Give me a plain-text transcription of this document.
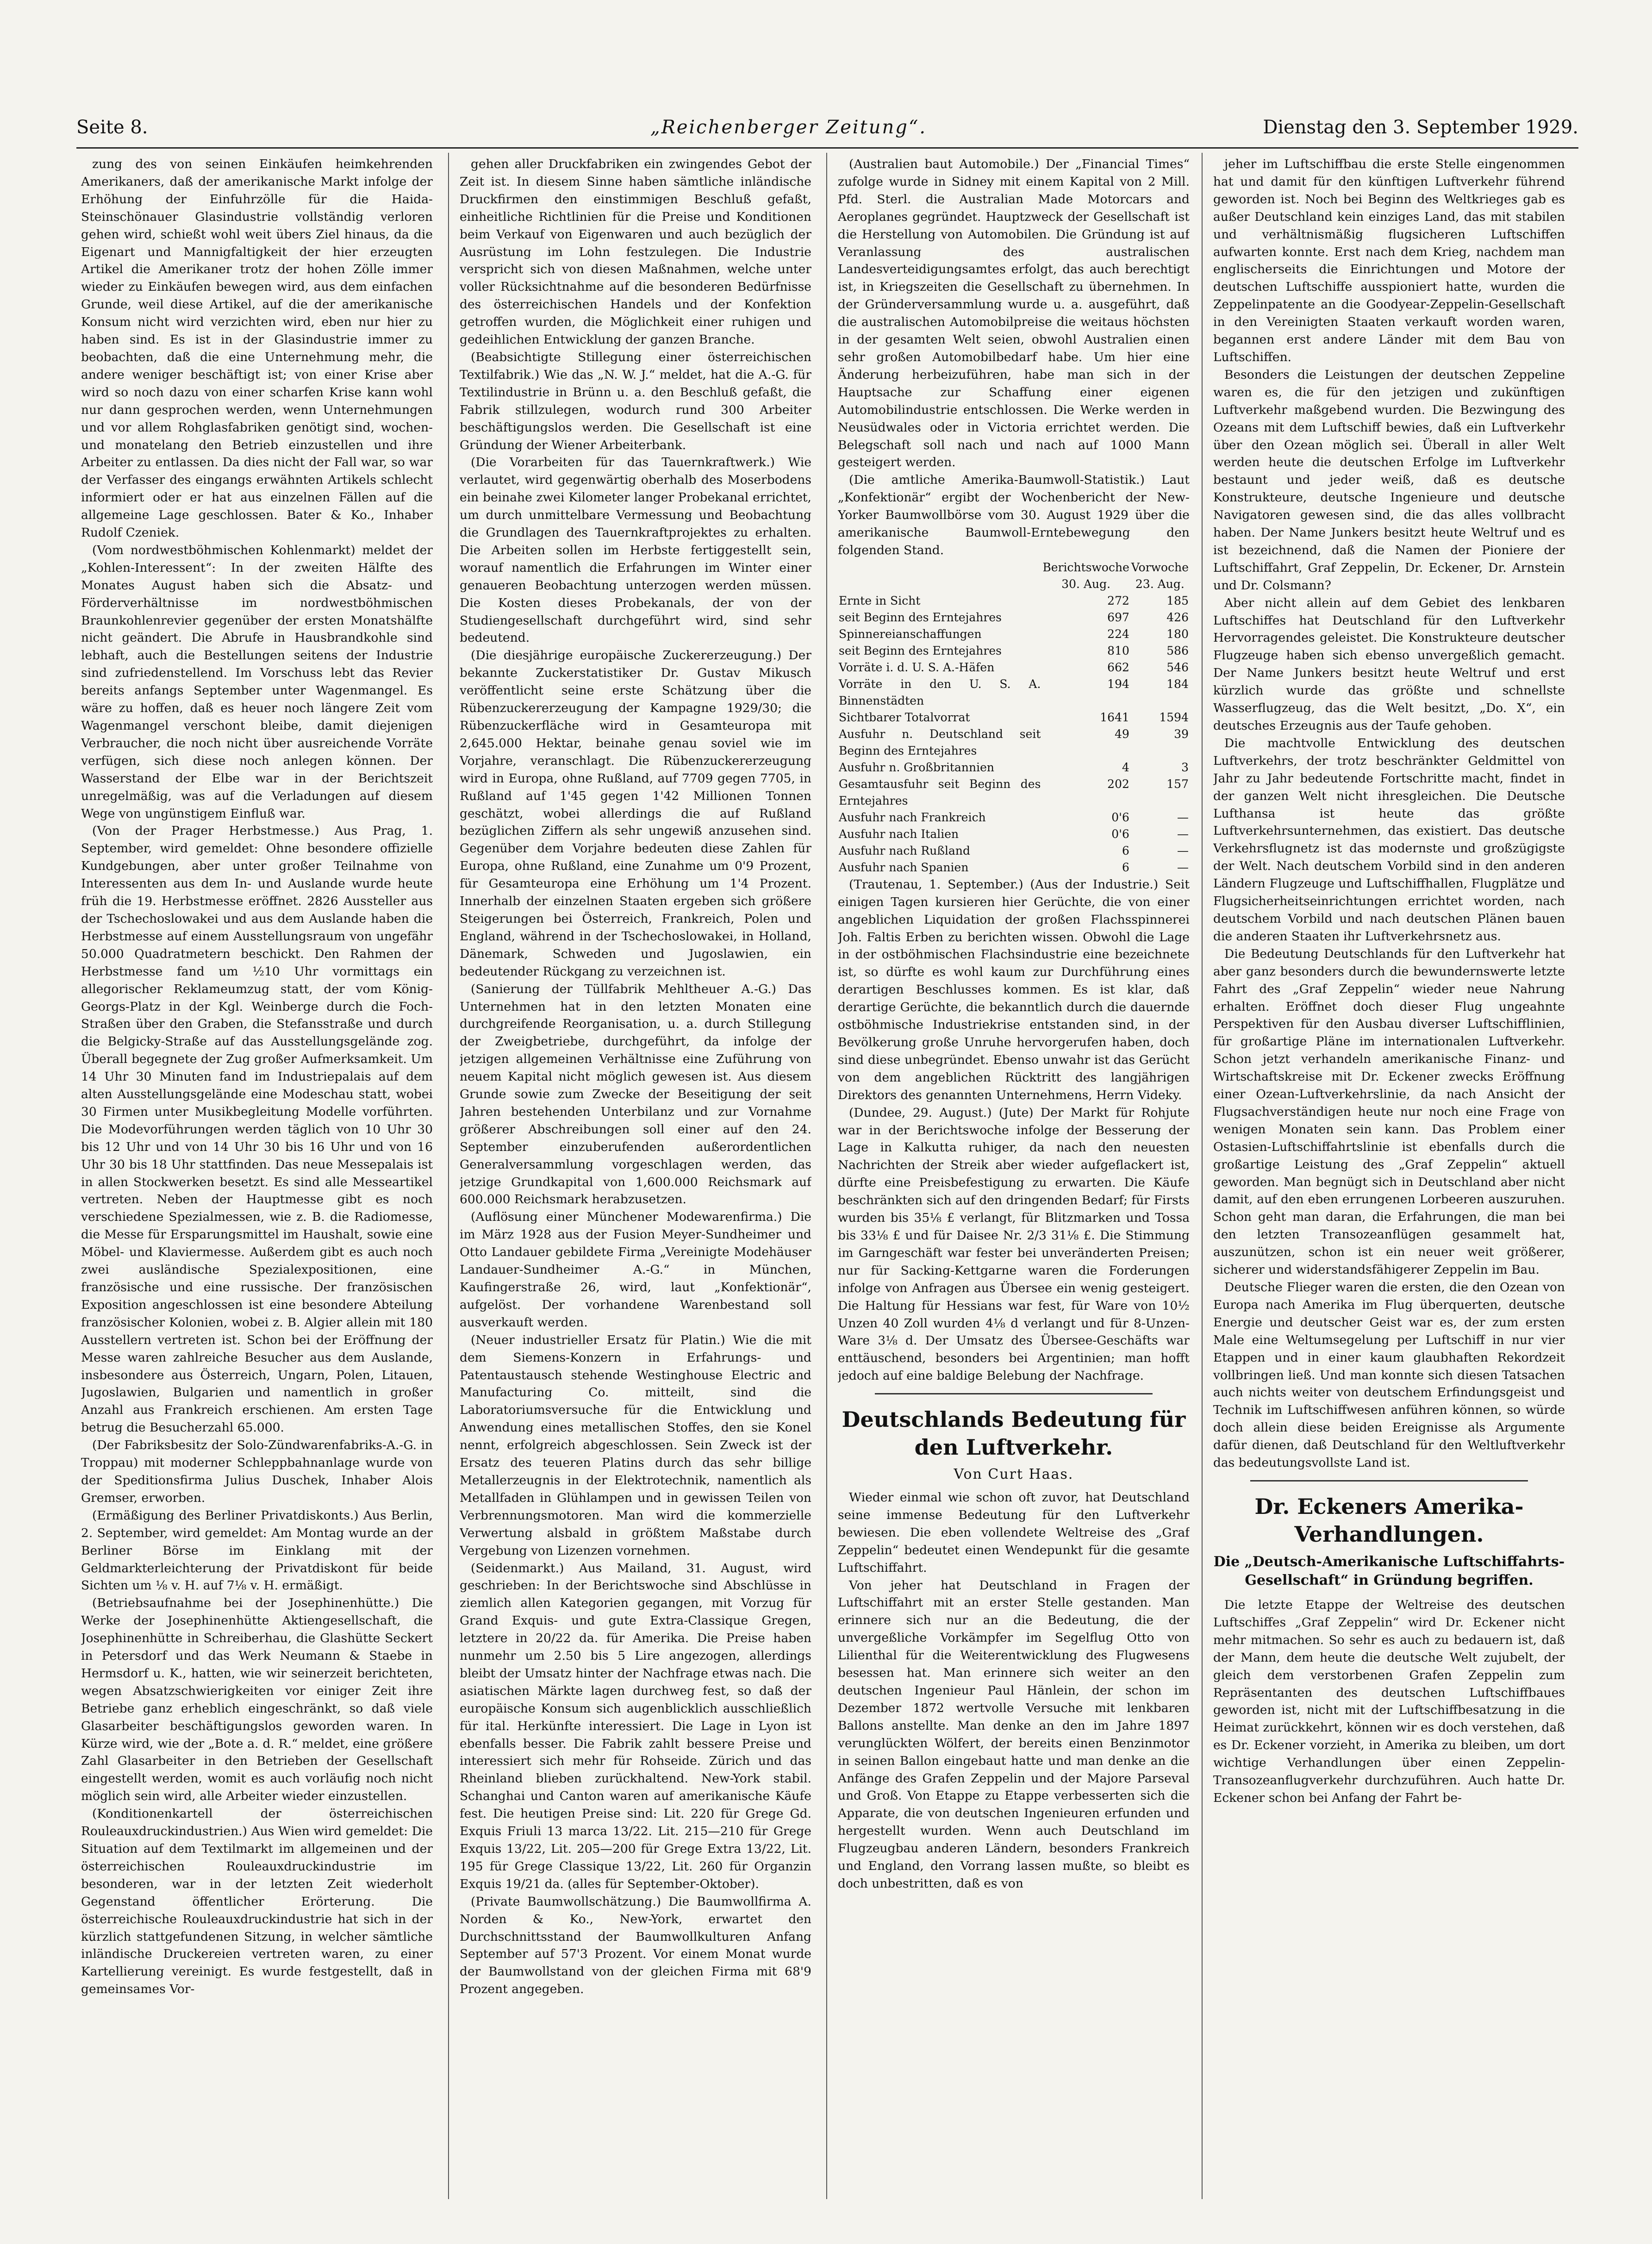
Seite 8.	„Reichenberger Zeitung“.	Dienstag den 3. September 1929.

zung des von seinen Einkäufen heimkehrenden Amerikaners, daß der amerikanische Markt infolge der Erhöhung der Einfuhrzölle für die Haida-Steinschönauer Glasindustrie vollständig verloren gehen wird, schießt wohl weit übers Ziel hinaus, da die Eigenart und Mannigfaltigkeit der hier erzeugten Artikel die Amerikaner trotz der hohen Zölle immer wieder zu Einkäufen bewegen wird, aus dem einfachen Grunde, weil diese Artikel, auf die der amerikanische Konsum nicht wird verzichten wird, eben nur hier zu haben sind. Es ist in der Glasindustrie immer zu beobachten, daß die eine Unternehmung mehr, die andere weniger beschäftigt ist; von einer Krise aber wird so noch dazu von einer scharfen Krise kann wohl nur dann gesprochen werden, wenn Unternehmungen und vor allem Rohglasfabriken genötigt sind, wochen- und monatelang den Betrieb einzustellen und ihre Arbeiter zu entlassen. Da dies nicht der Fall war, so war der Verfasser des eingangs erwähnten Artikels schlecht informiert oder er hat aus einzelnen Fällen auf die allgemeine Lage geschlossen. Bater & Ko., Inhaber Rudolf Czeniek.

(Vom nordwestböhmischen Kohlenmarkt) meldet der „Kohlen-Interessent“: In der zweiten Hälfte des Monates August haben sich die Absatz- und Förderverhältnisse im nordwestböhmischen Braunkohlenrevier gegenüber der ersten Monatshälfte nicht geändert. Die Abrufe in Hausbrandkohle sind lebhaft, auch die Bestellungen seitens der Industrie sind zufriedenstellend. Im Vorschuss lebt das Revier bereits anfangs September unter Wagenmangel. Es wäre zu hoffen, daß es heuer noch längere Zeit vom Wagenmangel verschont bleibe, damit diejenigen Verbraucher, die noch nicht über ausreichende Vorräte verfügen, sich diese noch anlegen können. Der Wasserstand der Elbe war in der Berichtszeit unregelmäßig, was auf die Verladungen auf diesem Wege von ungünstigem Einfluß war.

(Von der Prager Herbstmesse.) Aus Prag, 1. September, wird gemeldet: Ohne besondere offizielle Kundgebungen, aber unter großer Teilnahme von Interessenten aus dem In- und Auslande wurde heute früh die 19. Herbstmesse eröffnet. 2826 Aussteller aus der Tschechoslowakei und aus dem Auslande haben die Herbstmesse auf einem Ausstellungsraum von ungefähr 50.000 Quadratmetern beschickt. Den Rahmen der Herbstmesse fand um ½10 Uhr vormittags ein allegorischer Reklameumzug statt, der vom König-Georgs-Platz in der Kgl. Weinberge durch die Foch-Straßen über den Graben, die Stefansstraße und durch die Belgicky-Straße auf das Ausstellungsgelände zog. Überall begegnete der Zug großer Aufmerksamkeit. Um 14 Uhr 30 Minuten fand im Industriepalais auf dem alten Ausstellungsgelände eine Modeschau statt, wobei 30 Firmen unter Musikbegleitung Modelle vorführten. Die Modevorführungen werden täglich von 10 Uhr 30 bis 12 Uhr und von 14 Uhr 30 bis 16 Uhr und von 16 Uhr 30 bis 18 Uhr stattfinden. Das neue Messepalais ist in allen Stockwerken besetzt. Es sind alle Messeartikel vertreten. Neben der Hauptmesse gibt es noch verschiedene Spezialmessen, wie z. B. die Radiomesse, die Messe für Ersparungsmittel im Haushalt, sowie eine Möbel- und Klaviermesse. Außerdem gibt es auch noch zwei ausländische Spezialexpositionen, eine französische und eine russische. Der französischen Exposition angeschlossen ist eine besondere Abteilung französischer Kolonien, wobei z. B. Algier allein mit 180 Ausstellern vertreten ist. Schon bei der Eröffnung der Messe waren zahlreiche Besucher aus dem Auslande, insbesondere aus Österreich, Ungarn, Polen, Litauen, Jugoslawien, Bulgarien und namentlich in großer Anzahl aus Frankreich erschienen. Am ersten Tage betrug die Besucherzahl 65.000.

(Der Fabriksbesitz der Solo-Zündwarenfabriks-A.-G. in Troppau) mit moderner Schleppbahnanlage wurde von der Speditionsfirma Julius Duschek, Inhaber Alois Gremser, erworben.

(Ermäßigung des Berliner Privatdiskonts.) Aus Berlin, 2. September, wird gemeldet: Am Montag wurde an der Berliner Börse im Einklang mit der Geldmarkterleichterung der Privatdiskont für beide Sichten um ⅛ v. H. auf 7⅛ v. H. ermäßigt.

(Betriebsaufnahme bei der Josephinenhütte.) Die Werke der Josephinenhütte Aktiengesellschaft, die Josephinenhütte in Schreiberhau, die Glashütte Seckert in Petersdorf und das Werk Neumann & Staebe in Hermsdorf u. K., hatten, wie wir seinerzeit berichteten, wegen Absatzschwierigkeiten vor einiger Zeit ihre Betriebe ganz erheblich eingeschränkt, so daß viele Glasarbeiter beschäftigungslos geworden waren. In Kürze wird, wie der „Bote a. d. R.“ meldet, eine größere Zahl Glasarbeiter in den Betrieben der Gesellschaft eingestellt werden, womit es auch vorläufig noch nicht möglich sein wird, alle Arbeiter wieder einzustellen.

(Konditionenkartell der österreichischen Rouleauxdruckindustrien.) Aus Wien wird gemeldet: Die Situation auf dem Textilmarkt im allgemeinen und der österreichischen Rouleauxdruckindustrie im besonderen, war in der letzten Zeit wiederholt Gegenstand öffentlicher Erörterung. Die österreichische Rouleauxdruckindustrie hat sich in der kürzlich stattgefundenen Sitzung, in welcher sämtliche inländische Druckereien vertreten waren, zu einer Kartellierung vereinigt. Es wurde festgestellt, daß in gemeinsames Vor-

gehen aller Druckfabriken ein zwingendes Gebot der Zeit ist. In diesem Sinne haben sämtliche inländische Druckfirmen den einstimmigen Beschluß gefaßt, einheitliche Richtlinien für die Preise und Konditionen beim Verkauf von Eigenwaren und auch bezüglich der Ausrüstung im Lohn festzulegen. Die Industrie verspricht sich von diesen Maßnahmen, welche unter voller Rücksichtnahme auf die besonderen Bedürfnisse des österreichischen Handels und der Konfektion getroffen wurden, die Möglichkeit einer ruhigen und gedeihlichen Entwicklung der ganzen Branche.

(Beabsichtigte Stillegung einer österreichischen Textilfabrik.) Wie das „N. W. J.“ meldet, hat die A.-G. für Textilindustrie in Brünn u. a. den Beschluß gefaßt, die Fabrik stillzulegen, wodurch rund 300 Arbeiter beschäftigungslos werden. Die Gesellschaft ist eine Gründung der Wiener Arbeiterbank.

(Die Vorarbeiten für das Tauernkraftwerk.) Wie verlautet, wird gegenwärtig oberhalb des Moserbodens ein beinahe zwei Kilometer langer Probekanal errichtet, um durch unmittelbare Vermessung und Beobachtung die Grundlagen des Tauernkraftprojektes zu erhalten. Die Arbeiten sollen im Herbste fertiggestellt sein, worauf namentlich die Erfahrungen im Winter einer genaueren Beobachtung unterzogen werden müssen. Die Kosten dieses Probekanals, der von der Studiengesellschaft durchgeführt wird, sind sehr bedeutend.

(Die diesjährige europäische Zuckererzeugung.) Der bekannte Zuckerstatistiker Dr. Gustav Mikusch veröffentlicht seine erste Schätzung über die Rübenzuckererzeugung der Kampagne 1929/30; die Rübenzuckerfläche wird in Gesamteuropa mit 2,645.000 Hektar, beinahe genau soviel wie im Vorjahre, veranschlagt. Die Rübenzuckererzeugung wird in Europa, ohne Rußland, auf 7709 gegen 7705, in Rußland auf 1'45 gegen 1'42 Millionen Tonnen geschätzt, wobei allerdings die auf Rußland bezüglichen Ziffern als sehr ungewiß anzusehen sind. Gegenüber dem Vorjahre bedeuten diese Zahlen für Europa, ohne Rußland, eine Zunahme um 0'9 Prozent, für Gesamteuropa eine Erhöhung um 1'4 Prozent. Innerhalb der einzelnen Staaten ergeben sich größere Steigerungen bei Österreich, Frankreich, Polen und England, während in der Tschechoslowakei, in Holland, Dänemark, Schweden und Jugoslawien, ein bedeutender Rückgang zu verzeichnen ist.

(Sanierung der Tüllfabrik Mehltheuer A.-G.) Das Unternehmen hat in den letzten Monaten eine durchgreifende Reorganisation, u. a. durch Stillegung der Zweigbetriebe, durchgeführt, da infolge der jetzigen allgemeinen Verhältnisse eine Zuführung von neuem Kapital nicht möglich gewesen ist. Aus diesem Grunde sowie zum Zwecke der Beseitigung der seit Jahren bestehenden Unterbilanz und zur Vornahme größerer Abschreibungen soll einer auf den 24. September einzuberufenden außerordentlichen Generalversammlung vorgeschlagen werden, das jetzige Grundkapital von 1,600.000 Reichsmark auf 600.000 Reichsmark herabzusetzen.

(Auflösung einer Münchener Modewarenfirma.) Die im März 1928 aus der Fusion Meyer-Sundheimer und Otto Landauer gebildete Firma „Vereinigte Modehäuser Landauer-Sundheimer A.-G.“ in München, Kaufingerstraße 26, wird, laut „Konfektionär“, aufgelöst. Der vorhandene Warenbestand soll ausverkauft werden.

(Neuer industrieller Ersatz für Platin.) Wie die mit dem Siemens-Konzern in Erfahrungs- und Patentaustausch stehende Westinghouse Electric and Manufacturing Co. mitteilt, sind die Laboratoriumsversuche für die Entwicklung und Anwendung eines metallischen Stoffes, den sie Konel nennt, erfolgreich abgeschlossen. Sein Zweck ist der Ersatz des teueren Platins durch das sehr billige Metallerzeugnis in der Elektrotechnik, namentlich als Metallfaden in Glühlampen und in gewissen Teilen von Verbrennungsmotoren. Man wird die kommerzielle Verwertung alsbald in größtem Maßstabe durch Vergebung von Lizenzen vornehmen.

(Seidenmarkt.) Aus Mailand, 31. August, wird geschrieben: In der Berichtswoche sind Abschlüsse in ziemlich allen Kategorien gegangen, mit Vorzug für Grand Exquis- und gute Extra-Classique Gregen, letztere in 20/22 da. für Amerika. Die Preise haben nunmehr um 2.50 bis 5 Lire angezogen, allerdings bleibt der Umsatz hinter der Nachfrage etwas nach. Die asiatischen Märkte lagen durchweg fest, so daß der europäische Konsum sich augenblicklich ausschließlich für ital. Herkünfte interessiert. Die Lage in Lyon ist ebenfalls besser. Die Fabrik zahlt bessere Preise und interessiert sich mehr für Rohseide. Zürich und das Rheinland blieben zurückhaltend. New-York stabil. Schanghai und Canton waren auf amerikanische Käufe fest. Die heutigen Preise sind: Lit. 220 für Grege Gd. Exquis Friuli 13 marca 13/22. Lit. 215—210 für Grege Exquis 13/22, Lit. 205—200 für Grege Extra 13/22, Lit. 195 für Grege Classique 13/22, Lit. 260 für Organzin Exquis 19/21 da. (alles für September-Oktober).

(Private Baumwollschätzung.) Die Baumwollfirma A. Norden & Ko., New-York, erwartet den Durchschnittsstand der Baumwollkulturen Anfang September auf 57'3 Prozent. Vor einem Monat wurde der Baumwollstand von der gleichen Firma mit 68'9 Prozent angegeben.

(Australien baut Automobile.) Der „Financial Times“ zufolge wurde in Sidney mit einem Kapital von 2 Mill. Pfd. Sterl. die Australian Made Motorcars and Aeroplanes gegründet. Hauptzweck der Gesellschaft ist die Herstellung von Automobilen. Die Gründung ist auf Veranlassung des australischen Landesverteidigungsamtes erfolgt, das auch berechtigt ist, in Kriegszeiten die Gesellschaft zu übernehmen. In der Gründerversammlung wurde u. a. ausgeführt, daß die australischen Automobilpreise die weitaus höchsten in der gesamten Welt seien, obwohl Australien einen sehr großen Automobilbedarf habe. Um hier eine Änderung herbeizuführen, habe man sich in der Hauptsache zur Schaffung einer eigenen Automobilindustrie entschlossen. Die Werke werden in Neusüdwales oder in Victoria errichtet werden. Die Belegschaft soll nach und nach auf 1000 Mann gesteigert werden.

(Die amtliche Amerika-Baumwoll-Statistik.) Laut „Konfektionär“ ergibt der Wochenbericht der New-Yorker Baumwollbörse vom 30. August 1929 über die amerikanische Baumwoll-Erntebewegung den folgenden Stand.

	Berichtswoche 30. Aug.	Vorwoche 23. Aug.
Ernte in Sicht	272	185
seit Beginn des Erntejahres	697	426
Spinnereianschaffungen	224	180
seit Beginn des Erntejahres	810	586
Vorräte i. d. U. S. A.-Häfen	662	546
Vorräte in den U. S. A. Binnenstädten	194	184
Sichtbarer Totalvorrat	1641	1594
Ausfuhr n. Deutschland seit Beginn des Erntejahres	49	39
Ausfuhr n. Großbritannien	4	3
Gesamtausfuhr seit Beginn des Erntejahres	202	157
Ausfuhr nach Frankreich	0'6	—
Ausfuhr nach Italien	0'6	—
Ausfuhr nach Rußland	6	—
Ausfuhr nach Spanien	6	—

(Trautenau, 1. September.) (Aus der Industrie.) Seit einigen Tagen kursieren hier Gerüchte, die von einer angeblichen Liquidation der großen Flachsspinnerei Joh. Faltis Erben zu berichten wissen. Obwohl die Lage in der ostböhmischen Flachsindustrie eine bezeichnete ist, so dürfte es wohl kaum zur Durchführung eines derartigen Beschlusses kommen. Es ist klar, daß derartige Gerüchte, die bekanntlich durch die dauernde ostböhmische Industriekrise entstanden sind, in der Bevölkerung große Unruhe hervorgerufen haben, doch sind diese unbegründet. Ebenso unwahr ist das Gerücht von dem angeblichen Rücktritt des langjährigen Direktors des genannten Unternehmens, Herrn Videky.

(Dundee, 29. August.) (Jute) Der Markt für Rohjute war in der Berichtswoche infolge der Besserung der Lage in Kalkutta ruhiger, da nach den neuesten Nachrichten der Streik aber wieder aufgeflackert ist, dürfte eine Preisbefestigung zu erwarten. Die Käufe beschränkten sich auf den dringenden Bedarf; für Firsts wurden bis 35⅛ £ verlangt, für Blitzmarken und Tossa bis 33⅛ £ und für Daisee Nr. 2/3 31⅛ £. Die Stimmung im Garngeschäft war fester bei unveränderten Preisen; nur für Sacking-Kettgarne waren die Forderungen infolge von Anfragen aus Übersee ein wenig gesteigert. Die Haltung für Hessians war fest, für Ware von 10½ Unzen 40 Zoll wurden 4⅛ d verlangt und für 8-Unzen-Ware 3⅛ d. Der Umsatz des Übersee-Geschäfts war enttäuschend, besonders bei Argentinien; man hofft jedoch auf eine baldige Belebung der Nachfrage.

Deutschlands Bedeutung für den Luftverkehr.
Von Curt Haas.

Wieder einmal wie schon oft zuvor, hat Deutschland seine immense Bedeutung für den Luftverkehr bewiesen. Die eben vollendete Weltreise des „Graf Zeppelin“ bedeutet einen Wendepunkt für die gesamte Luftschiffahrt.

Von jeher hat Deutschland in Fragen der Luftschiffahrt mit an erster Stelle gestanden. Man erinnere sich nur an die Bedeutung, die der unvergeßliche Vorkämpfer im Segelflug Otto von Lilienthal für die Weiterentwicklung des Flugwesens besessen hat. Man erinnere sich weiter an den deutschen Ingenieur Paul Hänlein, der schon im Dezember 1872 wertvolle Versuche mit lenkbaren Ballons anstellte. Man denke an den im Jahre 1897 verunglückten Wölfert, der bereits einen Benzinmotor in seinen Ballon eingebaut hatte und man denke an die Anfänge des Grafen Zeppelin und der Majore Parseval und Groß. Von Etappe zu Etappe verbesserten sich die Apparate, die von deutschen Ingenieuren erfunden und hergestellt wurden. Wenn auch Deutschland im Flugzeugbau anderen Ländern, besonders Frankreich und England, den Vorrang lassen mußte, so bleibt es doch unbestritten, daß es von

jeher im Luftschiffbau die erste Stelle eingenommen hat und damit für den künftigen Luftverkehr führend geworden ist. Noch bei Beginn des Weltkrieges gab es außer Deutschland kein einziges Land, das mit stabilen und verhältnismäßig flugsicheren Luftschiffen aufwarten konnte. Erst nach dem Krieg, nachdem man englischerseits die Einrichtungen und Motore der deutschen Luftschiffe ausspioniert hatte, wurden die Zeppelinpatente an die Goodyear-Zeppelin-Gesellschaft in den Vereinigten Staaten verkauft worden waren, begannen erst andere Länder mit dem Bau von Luftschiffen.

Besonders die Leistungen der deutschen Zeppeline waren es, die für den jetzigen und zukünftigen Luftverkehr maßgebend wurden. Die Bezwingung des Ozeans mit dem Luftschiff bewies, daß ein Luftverkehr über den Ozean möglich sei. Überall in aller Welt werden heute die deutschen Erfolge im Luftverkehr bestaunt und jeder weiß, daß es deutsche Konstrukteure, deutsche Ingenieure und deutsche Navigatoren gewesen sind, die das alles vollbracht haben. Der Name Junkers besitzt heute Weltruf und es ist bezeichnend, daß die Namen der Pioniere der Luftschiffahrt, Graf Zeppelin, Dr. Eckener, Dr. Arnstein und Dr. Colsmann?

Aber nicht allein auf dem Gebiet des lenkbaren Luftschiffes hat Deutschland für den Luftverkehr Hervorragendes geleistet. Die Konstrukteure deutscher Flugzeuge haben sich ebenso unvergeßlich gemacht. Der Name Junkers besitzt heute Weltruf und erst kürzlich wurde das größte und schnellste Wasserflugzeug, das die Welt besitzt, „Do. X“, ein deutsches Erzeugnis aus der Taufe gehoben.

Die machtvolle Entwicklung des deutschen Luftverkehrs, der trotz beschränkter Geldmittel von Jahr zu Jahr bedeutende Fortschritte macht, findet in der ganzen Welt nicht ihresgleichen. Die Deutsche Lufthansa ist heute das größte Luftverkehrsunternehmen, das existiert. Das deutsche Verkehrsflugnetz ist das modernste und großzügigste der Welt. Nach deutschem Vorbild sind in den anderen Ländern Flugzeuge und Luftschiffhallen, Flugplätze und Flugsicherheitseinrichtungen errichtet worden, nach deutschem Vorbild und nach deutschen Plänen bauen die anderen Staaten ihr Luftverkehrsnetz aus.

Die Bedeutung Deutschlands für den Luftverkehr hat aber ganz besonders durch die bewundernswerte letzte Fahrt des „Graf Zeppelin“ wieder neue Nahrung erhalten. Eröffnet doch dieser Flug ungeahnte Perspektiven für den Ausbau diverser Luftschifflinien, für großartige Pläne im internationalen Luftverkehr. Schon jetzt verhandeln amerikanische Finanz- und Wirtschaftskreise mit Dr. Eckener zwecks Eröffnung einer Ozean-Luftverkehrslinie, da nach Ansicht der Flugsachverständigen heute nur noch eine Frage von wenigen Monaten sein kann. Das Problem einer Ostasien-Luftschiffahrtslinie ist ebenfalls durch die großartige Leistung des „Graf Zeppelin“ aktuell geworden. Man begnügt sich in Deutschland aber nicht damit, auf den eben errungenen Lorbeeren auszuruhen. Schon geht man daran, die Erfahrungen, die man bei den letzten Transozeanflügen gesammelt hat, auszunützen, schon ist ein neuer weit größerer, sicherer und widerstandsfähigerer Zeppelin im Bau.

Deutsche Flieger waren die ersten, die den Ozean von Europa nach Amerika im Flug überquerten, deutsche Energie und deutscher Geist war es, der zum ersten Male eine Weltumsegelung per Luftschiff in nur vier Etappen und in einer kaum glaubhaften Rekordzeit vollbringen ließ. Und man konnte sich diesen Tatsachen auch nichts weiter von deutschem Erfindungsgeist und Technik im Luftschiffwesen anführen können, so würde doch allein diese beiden Ereignisse als Argumente dafür dienen, daß Deutschland für den Weltluftverkehr das bedeutungsvollste Land ist.

Dr. Eckeners Amerika-Verhandlungen.
Die „Deutsch-Amerikanische Luftschiffahrts-Gesellschaft“ in Gründung begriffen.

Die letzte Etappe der Weltreise des deutschen Luftschiffes „Graf Zeppelin“ wird Dr. Eckener nicht mehr mitmachen. So sehr es auch zu bedauern ist, daß der Mann, dem heute die deutsche Welt zujubelt, der gleich dem verstorbenen Grafen Zeppelin zum Repräsentanten des deutschen Luftschiffbaues geworden ist, nicht mit der Luftschiffbesatzung in die Heimat zurückkehrt, können wir es doch verstehen, daß es Dr. Eckener vorzieht, in Amerika zu bleiben, um dort wichtige Verhandlungen über einen Zeppelin-Transozeanflugverkehr durchzuführen. Auch hatte Dr. Eckener schon bei Anfang der Fahrt be-
